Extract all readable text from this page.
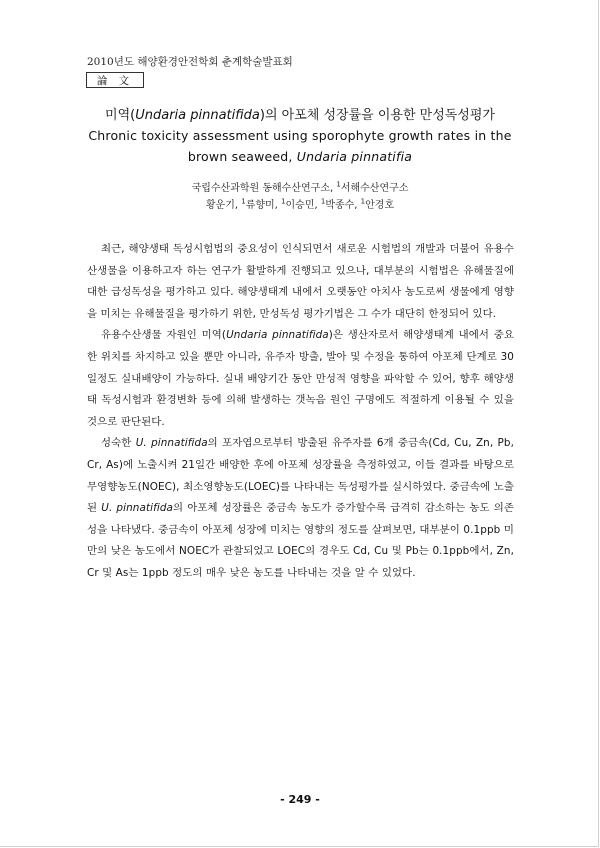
2010년도 해양환경안전학회 춘계학술발표회
論 文
미역(Undaria pinnatifida)의 아포체 성장률을 이용한 만성독성평가
Chronic toxicity assessment using sporophyte growth rates in the brown seaweed, Undaria pinnatifia
국립수산과학원 동해수산연구소, $^1$서해수산연구소
황운기, $^1$류향미, $^1$이승민, $^1$박종수, $^1$안경호

최근, 해양생태 독성시험법의 중요성이 인식되면서 새로운 시험법의 개발과 더불어 유용수산생물을 이용하고자 하는 연구가 활발하게 진행되고 있으나, 대부분의 시험법은 유해물질에 대한 급성독성을 평가하고 있다. 해양생태계 내에서 오랫동안 아치사 농도로써 생물에게 영향을 미치는 유해물질을 평가하기 위한, 만성독성 평가기법은 그 수가 대단히 한정되어 있다.

유용수산생물 자원인 미역(Undaria pinnatifida)은 생산자로서 해양생태계 내에서 중요한 위치를 차지하고 있을 뿐만 아니라, 유주자 방출, 발아 및 수정을 통하여 아포체 단계로 30일정도 실내배양이 가능하다. 실내 배양기간 동안 만성적 영향을 파악할 수 있어, 향후 해양생태 독성시험과 환경변화 등에 의해 발생하는 갯녹음 원인 구명에도 적절하게 이용될 수 있을 것으로 판단된다.

성숙한 U. pinnatifida의 포자엽으로부터 방출된 유주자를 6개 중금속(Cd, Cu, Zn, Pb, Cr, As)에 노출시켜 21일간 배양한 후에 아포체 성장률을 측정하였고, 이들 결과를 바탕으로 무영향농도(NOEC), 최소영향농도(LOEC)를 나타내는 독성평가를 실시하였다. 중금속에 노출된 U. pinnatifida의 아포체 성장률은 중금속 농도가 증가할수록 급격히 감소하는 농도 의존성을 나타냈다. 중금속이 아포체 성장에 미치는 영향의 정도를 살펴보면, 대부분이 0.1ppb 미만의 낮은 농도에서 NOEC가 관찰되었고 LOEC의 경우도 Cd, Cu 및 Pb는 0.1ppb에서, Zn, Cr 및 As는 1ppb 정도의 매우 낮은 농도를 나타내는 것을 알 수 있었다.

- 249 -
